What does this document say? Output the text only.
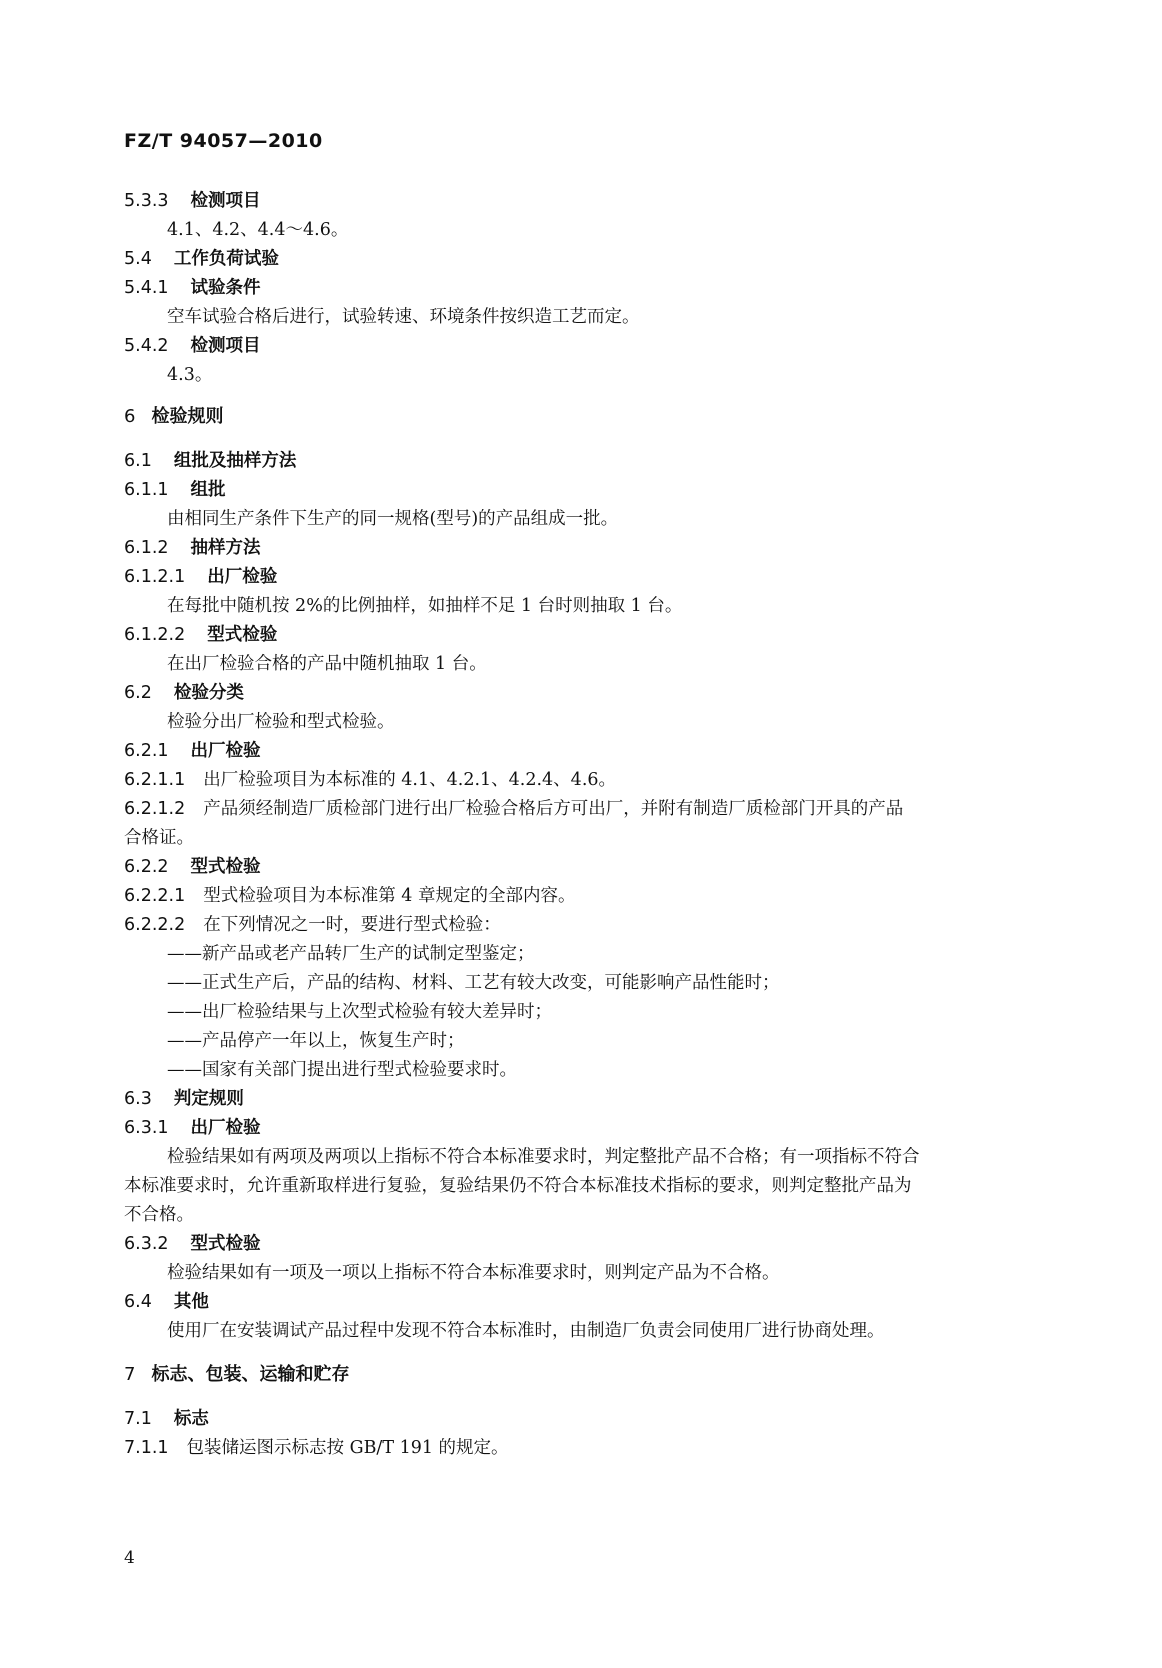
FZ/T 94057—2010
5.3.3 检测项目
4.1、4.2、4.4～4.6。
5.4 工作负荷试验
5.4.1 试验条件
空车试验合格后进行，试验转速、环境条件按织造工艺而定。
5.4.2 检测项目
4.3。
6 检验规则
6.1 组批及抽样方法
6.1.1 组批
由相同生产条件下生产的同一规格(型号)的产品组成一批。
6.1.2 抽样方法
6.1.2.1 出厂检验
在每批中随机按 2%的比例抽样，如抽样不足 1 台时则抽取 1 台。
6.1.2.2 型式检验
在出厂检验合格的产品中随机抽取 1 台。
6.2 检验分类
检验分出厂检验和型式检验。
6.2.1 出厂检验
6.2.1.1 出厂检验项目为本标准的 4.1、4.2.1、4.2.4、4.6。
6.2.1.2 产品须经制造厂质检部门进行出厂检验合格后方可出厂，并附有制造厂质检部门开具的产品
合格证。
6.2.2 型式检验
6.2.2.1 型式检验项目为本标准第 4 章规定的全部内容。
6.2.2.2 在下列情况之一时，要进行型式检验：
——新产品或老产品转厂生产的试制定型鉴定；
——正式生产后，产品的结构、材料、工艺有较大改变，可能影响产品性能时；
——出厂检验结果与上次型式检验有较大差异时；
——产品停产一年以上，恢复生产时；
——国家有关部门提出进行型式检验要求时。
6.3 判定规则
6.3.1 出厂检验
检验结果如有两项及两项以上指标不符合本标准要求时，判定整批产品不合格；有一项指标不符合
本标准要求时，允许重新取样进行复验，复验结果仍不符合本标准技术指标的要求，则判定整批产品为
不合格。
6.3.2 型式检验
检验结果如有一项及一项以上指标不符合本标准要求时，则判定产品为不合格。
6.4 其他
使用厂在安装调试产品过程中发现不符合本标准时，由制造厂负责会同使用厂进行协商处理。
7 标志、包装、运输和贮存
7.1 标志
7.1.1 包装储运图示标志按 GB/T 191 的规定。
4
